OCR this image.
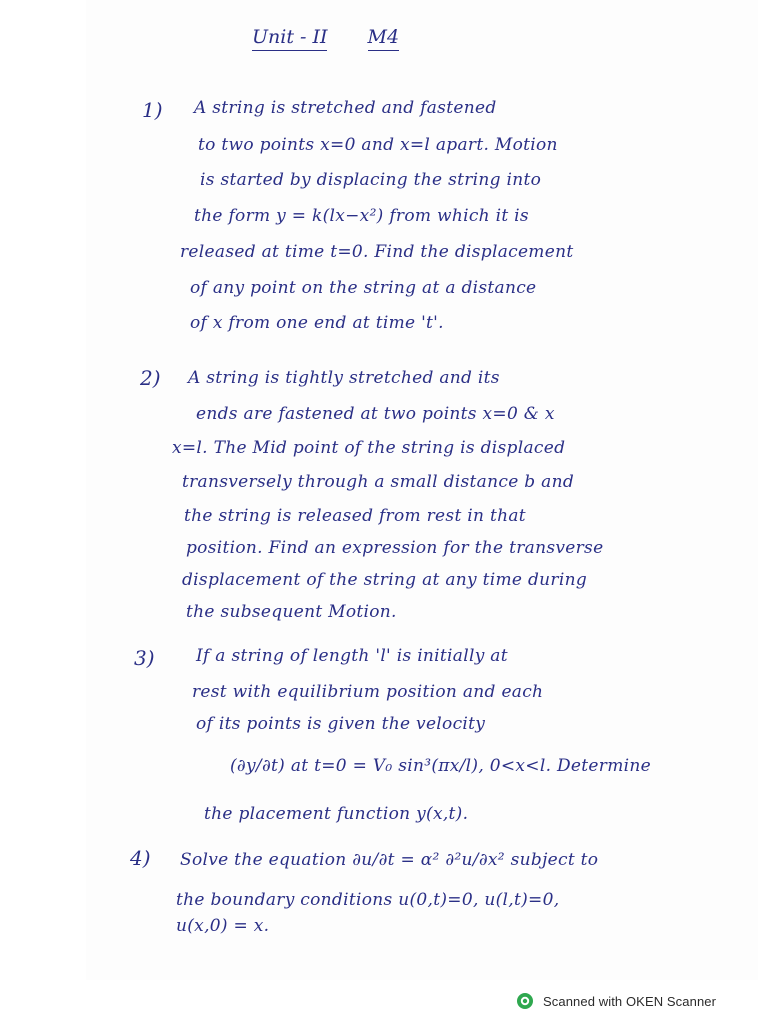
Unit - II M4
1) A string is stretched and fastened
to two points x=0 and x=l apart. Motion
is started by displacing the string into
the form y = k(lx−x²) from which it is
released at time t=0. Find the displacement
of any point on the string at a distance
of x from one end at time 't'.
2) A string is tightly stretched and its
ends are fastened at two points x=0 & x
x=l. The Mid point of the string is displaced
transversely through a small distance b and
the string is released from rest in that
position. Find an expression for the transverse
displacement of the string at any time during
the subsequent Motion.
3) If a string of length 'l' is initially at
rest with equilibrium position and each
of its points is given the velocity
(∂y/∂t) at t=0 = V₀ sin³(πx/l), 0<x<l. Determine
the placement function y(x,t).
4) Solve the equation ∂u/∂t = α² ∂²u/∂x² subject to
the boundary conditions u(0,t)=0, u(l,t)=0,
u(x,0) = x.
Scanned with OKEN Scanner
